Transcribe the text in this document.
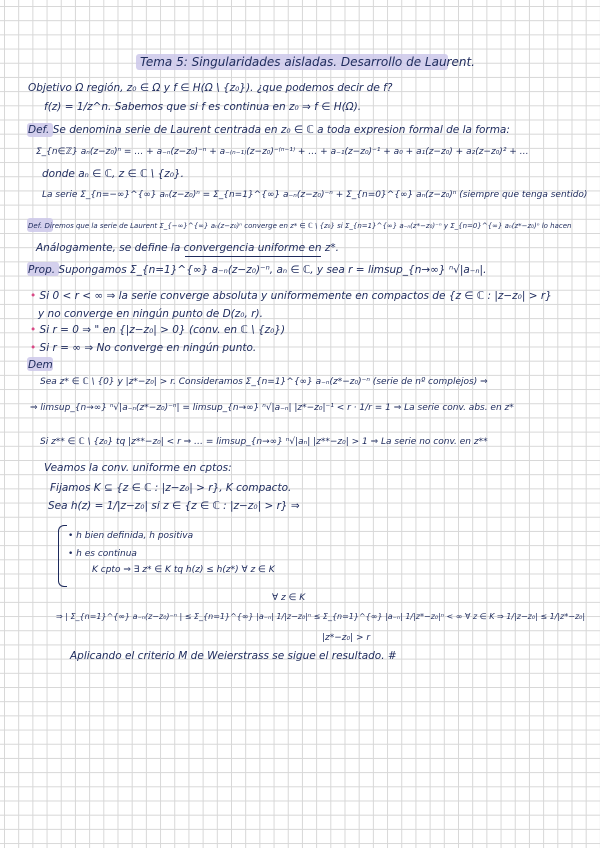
Tema 5: Singularidades aisladas. Desarrollo de Laurent.
Objetivo Ω región, z₀ ∈ Ω y f ∈ H(Ω \ {z₀}). ¿que podemos decir de f?
f(z) = 1/z^n. Sabemos que si f es continua en z₀ ⇒ f ∈ H(Ω).
Def. Se denomina serie de Laurent centrada en z₀ ∈ ℂ a toda expresion formal de la forma:
Σ_{n∈ℤ} aₙ(z−z₀)ⁿ = … + a₋ₙ(z−z₀)⁻ⁿ + a₋₍ₙ₋₁₎(z−z₀)⁻⁽ⁿ⁻¹⁾ + … + a₋₁(z−z₀)⁻¹ + a₀ + a₁(z−z₀) + a₂(z−z₀)² + …
donde aₙ ∈ ℂ, z ∈ ℂ \ {z₀}.
La serie Σ_{n=−∞}^{∞} aₙ(z−z₀)ⁿ = Σ_{n=1}^{∞} a₋ₙ(z−z₀)⁻ⁿ + Σ_{n=0}^{∞} aₙ(z−z₀)ⁿ (siempre que tenga sentido)
Def. Diremos que la serie de Laurent Σ_{−∞}^{∞} aₙ(z−z₀)ⁿ converge en z* ∈ ℂ \ {z₀} si Σ_{n=1}^{∞} a₋ₙ(z*−z₀)⁻ⁿ y Σ_{n=0}^{∞} aₙ(z*−z₀)ⁿ lo hacen
Análogamente, se define la convergencia uniforme en z*.
Prop. Supongamos Σ_{n=1}^{∞} a₋ₙ(z−z₀)⁻ⁿ, aₙ ∈ ℂ, y sea r = limsup_{n→∞} ⁿ√|a₋ₙ|.
• Si 0 < r < ∞ ⇒ la serie converge absoluta y uniformemente en compactos de {z ∈ ℂ : |z−z₀| > r}
y no converge en ningún punto de D(z₀, r).
• Si r = 0 ⇒ " en {|z−z₀| > 0} (conv. en ℂ \ {z₀})
• Si r = ∞ ⇒ No converge en ningún punto.
Dem
Sea z* ∈ ℂ \ {0} y |z*−z₀| > r. Consideramos Σ_{n=1}^{∞} a₋ₙ(z*−z₀)⁻ⁿ (serie de nº complejos) ⇒
⇒ limsup_{n→∞} ⁿ√|a₋ₙ(z*−z₀)⁻ⁿ| = limsup_{n→∞} ⁿ√|a₋ₙ| |z*−z₀|⁻¹ < r · 1/r = 1 ⇒ La serie conv. abs. en z*
Si z** ∈ ℂ \ {z₀} tq |z**−z₀| < r ⇒ … = limsup_{n→∞} ⁿ√|aₙ| |z**−z₀| > 1 ⇒ La serie no conv. en z**
Veamos la conv. uniforme en cptos:
Fijamos K ⊆ {z ∈ ℂ : |z−z₀| > r}, K compacto.
Sea h(z) = 1/|z−z₀| si z ∈ {z ∈ ℂ : |z−z₀| > r} ⇒
• h bien definida, h positiva
• h es continua
K cpto ⇒ ∃ z* ∈ K tq h(z) ≤ h(z*) ∀ z ∈ K
∀ z ∈ K
⇒ | Σ_{n=1}^{∞} a₋ₙ(z−z₀)⁻ⁿ | ≤ Σ_{n=1}^{∞} |a₋ₙ| 1/|z−z₀|ⁿ ≤ Σ_{n=1}^{∞} |a₋ₙ| 1/|z*−z₀|ⁿ < ∞ ∀ z ∈ K ⇒ 1/|z−z₀| ≤ 1/|z*−z₀|
|z*−z₀| > r
Aplicando el criterio M de Weierstrass se sigue el resultado. #
